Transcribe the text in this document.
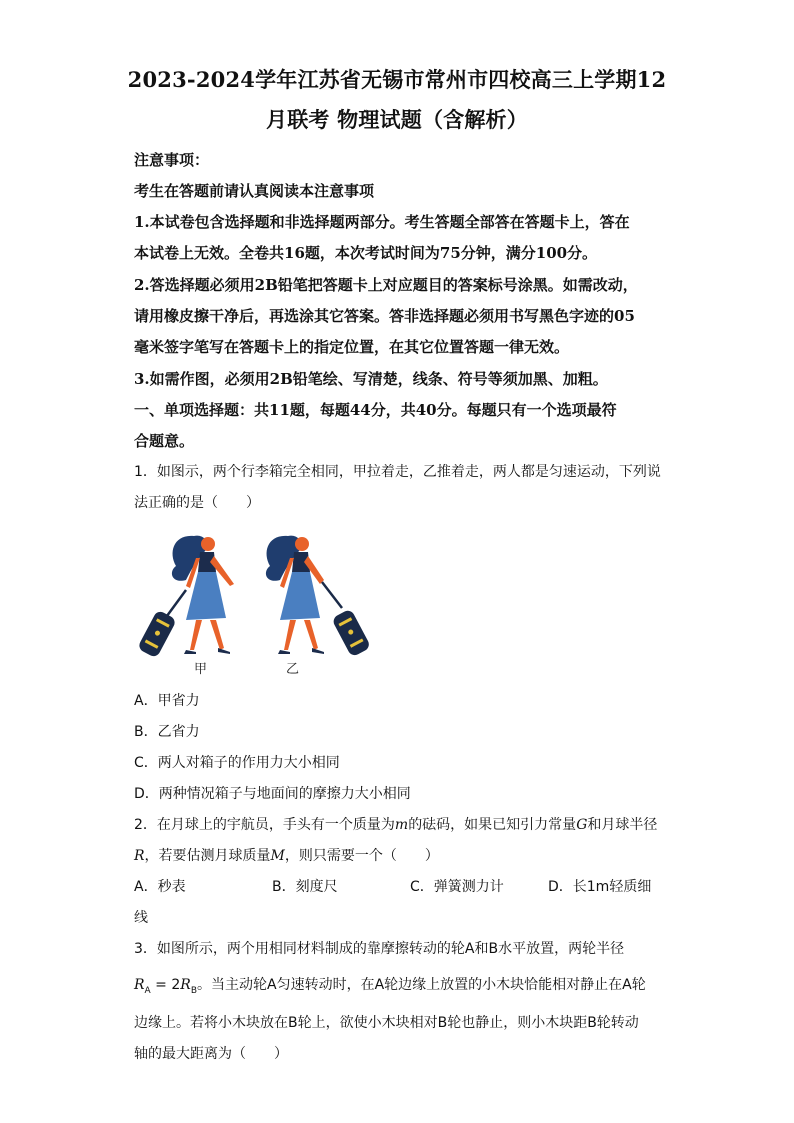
2023-2024学年江苏省无锡市常州市四校高三上学期12
月联考 物理试题（含解析）
注意事项：
考生在答题前请认真阅读本注意事项
1.本试卷包含选择题和非选择题两部分。考生答题全部答在答题卡上，答在
本试卷上无效。全卷共16题，本次考试时间为75分钟，满分100分。
2.答选择题必须用2B铅笔把答题卡上对应题目的答案标号涂黑。如需改动，
请用橡皮擦干净后，再选涂其它答案。答非选择题必须用书写黑色字迹的05
毫米签字笔写在答题卡上的指定位置，在其它位置答题一律无效。
3.如需作图，必须用2B铅笔绘、写清楚，线条、符号等须加黑、加粗。
一、单项选择题：共11题，每题44分，共40分。每题只有一个选项最符
合题意。
1．如图示，两个行李箱完全相同，甲拉着走，乙推着走，两人都是匀速运动，下列说
法正确的是（　　）
甲	乙
A．甲省力
B．乙省力
C．两人对箱子的作用力大小相同
D．两种情况箱子与地面间的摩擦力大小相同
2．在月球上的宇航员，手头有一个质量为m的砝码，如果已知引力常量G和月球半径
R，若要估测月球质量M，则只需要一个（　　）
A．秒表	B．刻度尺	C．弹簧测力计	D．长1m轻质细
线
3．如图所示，两个用相同材料制成的靠摩擦转动的轮A和B水平放置，两轮半径
$R_A = 2R_B$。当主动轮A匀速转动时，在A轮边缘上放置的小木块恰能相对静止在A轮
边缘上。若将小木块放在B轮上，欲使小木块相对B轮也静止，则小木块距B轮转动
轴的最大距离为（　　）
